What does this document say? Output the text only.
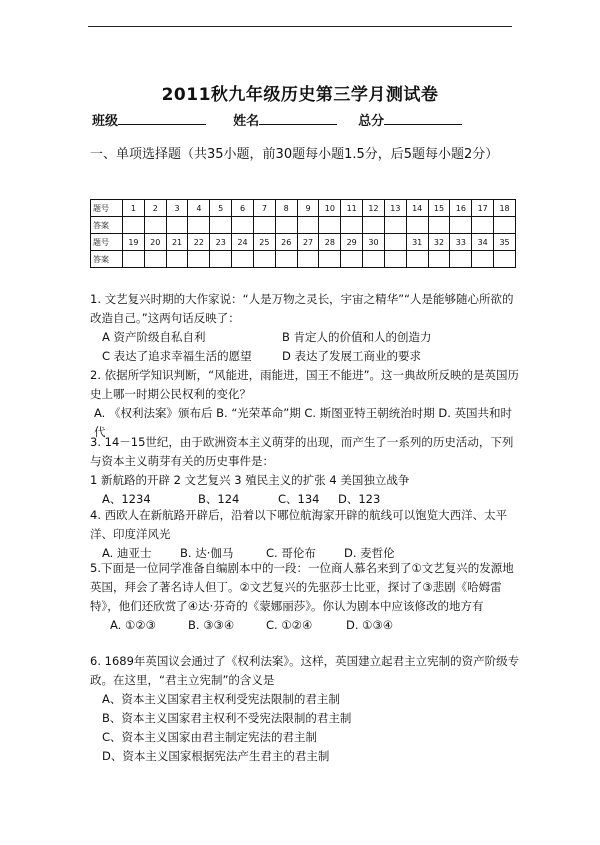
2011秋九年级历史第三学月测试卷
班级	姓名	总分
一、单项选择题（共35小题，前30题每小题1.5分，后5题每小题2分）
题号	1	2	3	4	5	6	7	8	9	10	11	12	13	14	15	16	17	18
答案																		
题号	19	20	21	22	23	24	25	26	27	28	29	30		31	32	33	34	35
答案																		

1. 文艺复兴时期的大作家说：“人是万物之灵长，宇宙之精华”“人是能够随心所欲的改造自己。”这两句话反映了：

A 资产阶级自私自利	B 肯定人的价值和人的创造力
C 表达了追求幸福生活的愿望	D 表达了发展工商业的要求

2. 依据所学知识判断，“风能进，雨能进，国王不能进”。这一典故所反映的是英国历史上哪一时期公民权利的变化？

A. 《权利法案》颁布后 B. “光荣革命”期 C. 斯图亚特王朝统治时期 D. 英国共和时代

3. 14－15世纪，由于欧洲资本主义萌芽的出现，而产生了一系列的历史活动，下列与资本主义萌芽有关的历史事件是：

1 新航路的开辟 2 文艺复兴 3 殖民主义的扩张 4 美国独立战争

A、1234	B、124	C、134	D、123

4. 西欧人在新航路开辟后，沿着以下哪位航海家开辟的航线可以饱览大西洋、太平洋、印度洋风光

A. 迪亚士	B. 达·伽马	C. 哥伦布	D. 麦哲伦

5.下面是一位同学准备自编剧本中的一段：一位商人慕名来到了①文艺复兴的发源地英国，拜会了著名诗人但丁。②文艺复兴的先驱莎士比亚，探讨了③悲剧《哈姆雷特》，他们还欣赏了④达·芬奇的《蒙娜丽莎》。你认为剧本中应该修改的地方有

A. ①②③	B. ③③④	C. ①②④	D. ①③④

6. 1689年英国议会通过了《权利法案》。这样，英国建立起君主立宪制的资产阶级专政。在这里，“君主立宪制”的含义是

A、资本主义国家君主权利受宪法限制的君主制

B、资本主义国家君主权利不受宪法限制的君主制

C、资本主义国家由君主制定宪法的君主制

D、资本主义国家根据宪法产生君主的君主制
